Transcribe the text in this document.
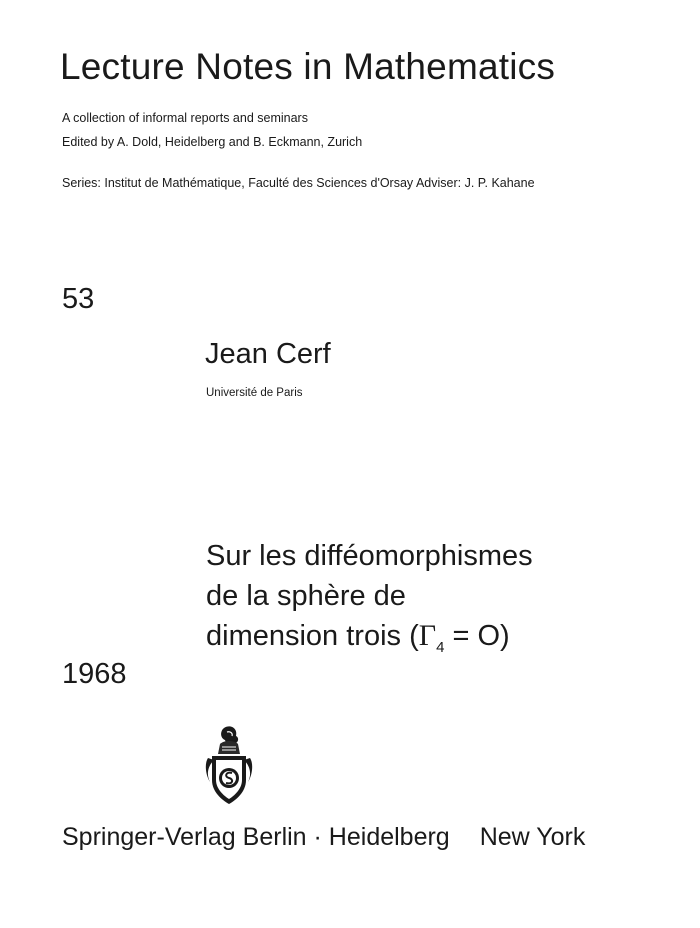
Lecture Notes in Mathematics
A collection of informal reports and seminars
Edited by A. Dold, Heidelberg and B. Eckmann, Zurich
Series: Institut de Mathématique, Faculté des Sciences d'Orsay Adviser: J. P. Kahane
53
Jean Cerf
Université de Paris
Sur les difféomorphismes
de la sphère de
dimension trois $(\Gamma_4 = O)$
1968
Springer-Verlag Berlin · Heidelberg New York
